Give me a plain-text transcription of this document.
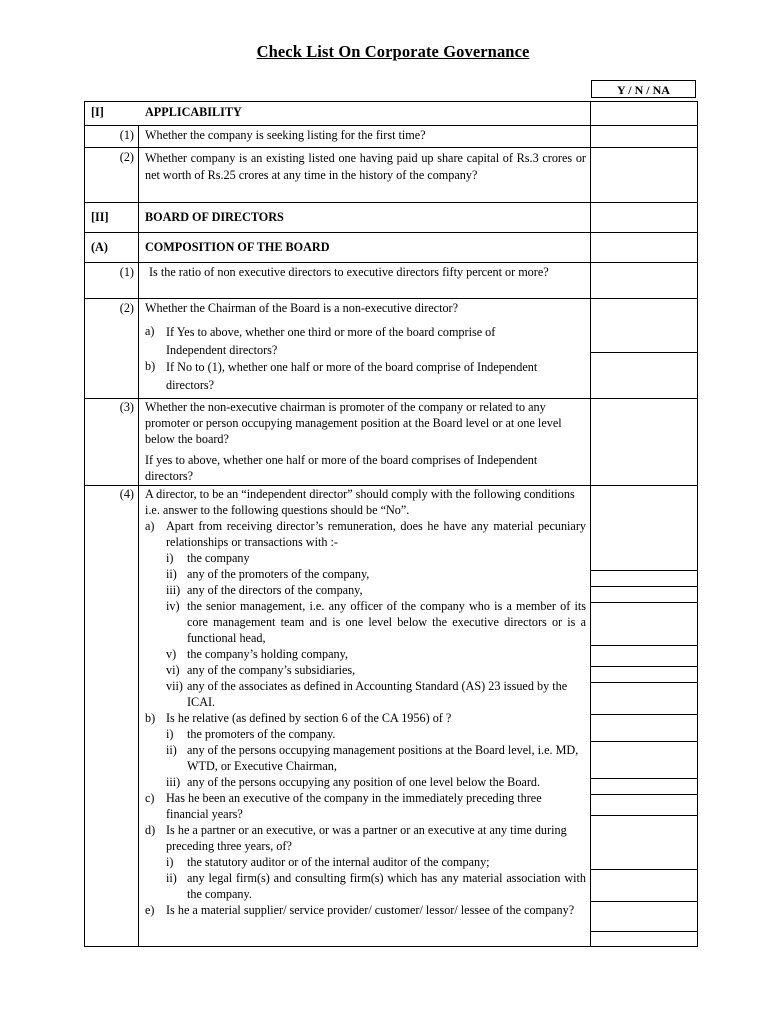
Check List On Corporate Governance
Y / N / NA
[I]	APPLICABILITY
(1) Whether the company is seeking listing for the first time?
(2) Whether company is an existing listed one having paid up share capital of Rs.3 crores or net worth of Rs.25 crores at any time in the history of the company?
[II]	BOARD OF DIRECTORS
(A)	COMPOSITION OF THE BOARD
(1) Is the ratio of non executive directors to executive directors fifty percent or more?
(2) Whether the Chairman of the Board is a non-executive director?
a) If Yes to above, whether one third or more of the board comprise of Independent directors?
b) If No to (1), whether one half or more of the board comprise of Independent directors?
(3) Whether the non-executive chairman is promoter of the company or related to any promoter or person occupying management position at the Board level or at one level below the board?
If yes to above, whether one half or more of the board comprises of Independent directors?
(4) A director, to be an “independent director” should comply with the following conditions i.e. answer to the following questions should be “No”.
a) Apart from receiving director’s remuneration, does he have any material pecuniary relationships or transactions with :-
i) the company
ii) any of the promoters of the company,
iii) any of the directors of the company,
iv) the senior management, i.e. any officer of the company who is a member of its core management team and is one level below the executive directors or is a functional head,
v) the company’s holding company,
vi) any of the company’s subsidiaries,
vii) any of the associates as defined in Accounting Standard (AS) 23 issued by the ICAI.
b) Is he relative (as defined by section 6 of the CA 1956) of ?
i) the promoters of the company.
ii) any of the persons occupying management positions at the Board level, i.e. MD, WTD, or Executive Chairman,
iii) any of the persons occupying any position of one level below the Board.
c) Has he been an executive of the company in the immediately preceding three financial years?
d) Is he a partner or an executive, or was a partner or an executive at any time during preceding three years, of?
i) the statutory auditor or of the internal auditor of the company;
ii) any legal firm(s) and consulting firm(s) which has any material association with the company.
e) Is he a material supplier/ service provider/ customer/ lessor/ lessee of the company?
